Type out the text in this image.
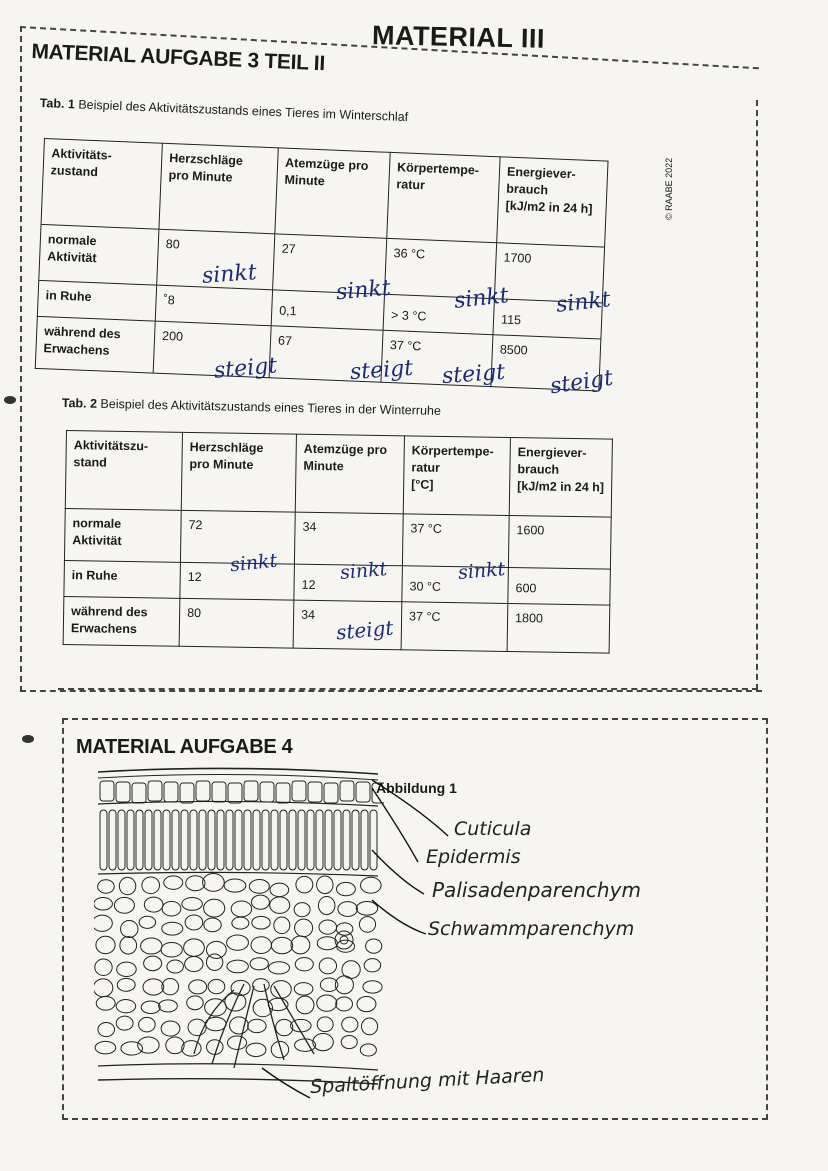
MATERIAL III
MATERIAL AUFGABE 3 TEIL II
© RAABE 2022
Tab. 1 Beispiel des Aktivitätszustands eines Tieres im Winterschlaf
Aktivitäts-
zustand	Herzschläge
pro Minute	Atemzüge pro
Minute	Körpertempe-
ratur	Energiever-
brauch
[kJ/m2 in 24 h]
normale
Aktivität	80	27	36 °C	1700
in Ruhe	˚8	0,1	> 3 °C	115
während des
Erwachens	200	67	37 °C	8500
sinkt
sinkt	sinkt sinkt
steigt	steigt steigt steigt
Tab. 2 Beispiel des Aktivitätszustands eines Tieres in der Winterruhe
Aktivitätszu-
stand	Herzschläge
pro Minute	Atemzüge pro
Minute	Körpertempe-
ratur
[°C]	Energiever-
brauch
[kJ/m2 in 24 h]
normale
Aktivität	72	34	37 °C	1600
in Ruhe	12	12	30 °C	600
während des
Erwachens	80	34	37 °C	1800
sinkt	sinkt	sinkt
steigt
MATERIAL AUFGABE 4
Abbildung 1
Cuticula
Epidermis
Palisadenparenchym
Schwammparenchym
Spaltöffnung mit Haaren
